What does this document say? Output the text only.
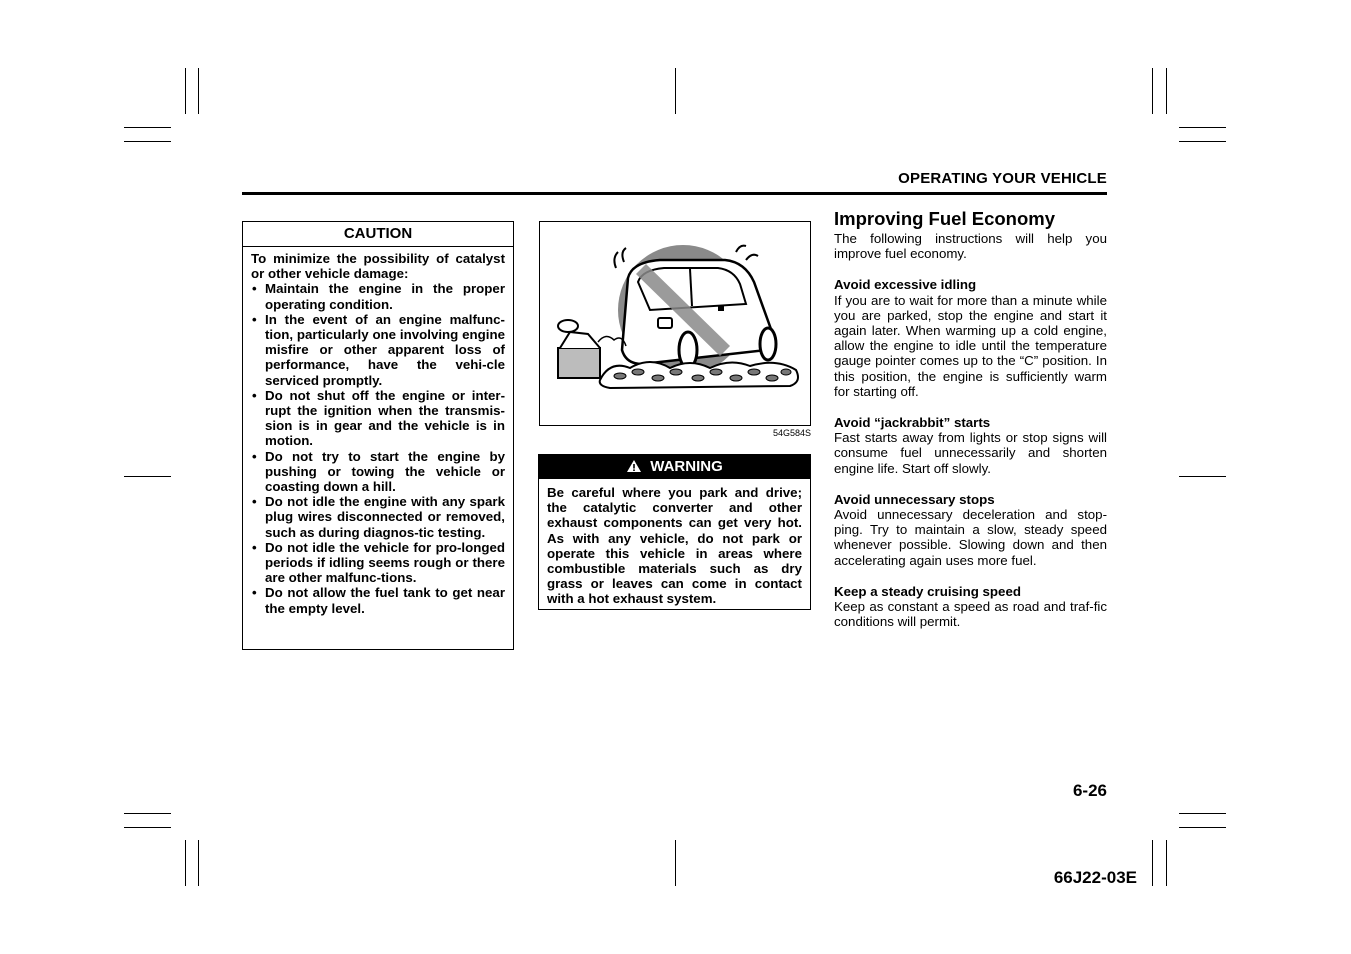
OPERATING YOUR VEHICLE
CAUTION
To minimize the possibility of catalyst or other vehicle damage:
• Maintain the engine in the proper operating condition.
• In the event of an engine malfunc-tion, particularly one involving engine misfire or other apparent loss of performance, have the vehi-cle serviced promptly.
• Do not shut off the engine or inter-rupt the ignition when the transmis-sion is in gear and the vehicle is in motion.
• Do not try to start the engine by pushing or towing the vehicle or coasting down a hill.
• Do not idle the engine with any spark plug wires disconnected or removed, such as during diagnos-tic testing.
• Do not idle the vehicle for pro-longed periods if idling seems rough or there are other malfunc-tions.
• Do not allow the fuel tank to get near the empty level.
54G584S
WARNING
Be careful where you park and drive; the catalytic converter and other exhaust components can get very hot. As with any vehicle, do not park or operate this vehicle in areas where combustible materials such as dry grass or leaves can come in contact with a hot exhaust system.
Improving Fuel Economy

The following instructions will help you improve fuel economy.

Avoid excessive idling

If you are to wait for more than a minute while you are parked, stop the engine and start it again later. When warming up a cold engine, allow the engine to idle until the temperature gauge pointer comes up to the “C” position. In this position, the engine is sufficiently warm for starting off.

Avoid “jackrabbit” starts

Fast starts away from lights or stop signs will consume fuel unnecessarily and shorten engine life. Start off slowly.

Avoid unnecessary stops

Avoid unnecessary deceleration and stop-ping. Try to maintain a slow, steady speed whenever possible. Slowing down and then accelerating again uses more fuel.

Keep a steady cruising speed

Keep as constant a speed as road and traf-fic conditions will permit.

6-26
66J22-03E
